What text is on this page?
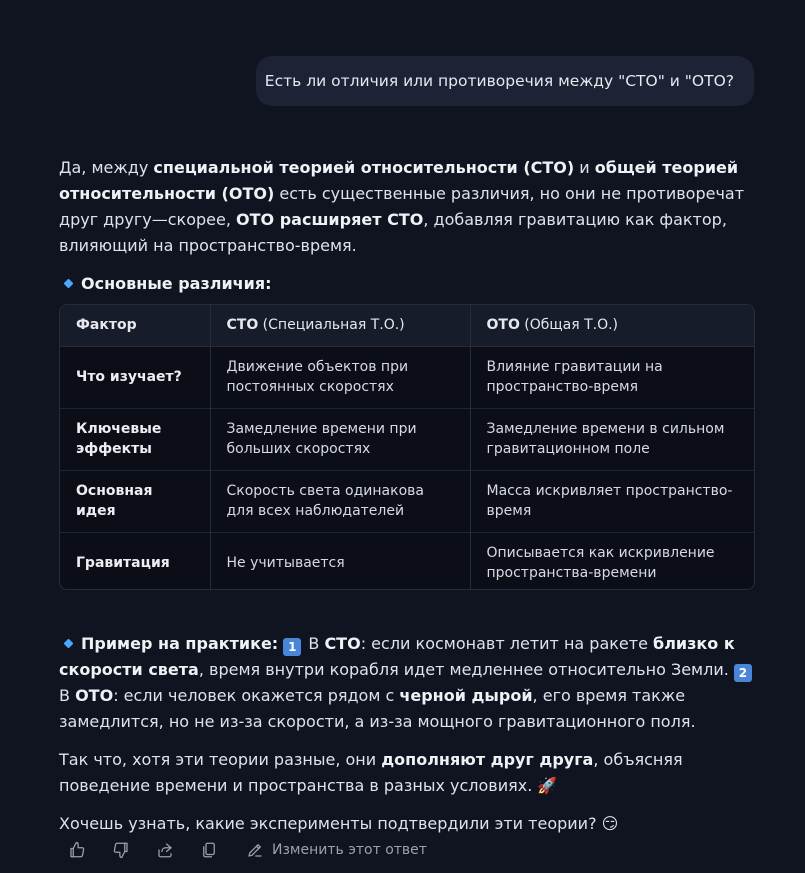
Есть ли отличия или противоречия между "СТО" и "ОТО?

Да, между специальной теорией относительности (СТО) и общей теорией относительности (ОТО) есть существенные различия, но они не противоречат друг другу—скорее, ОТО расширяет СТО, добавляя гравитацию как фактор, влияющий на пространство-время.

Основные различия:

Фактор	СТО (Специальная Т.О.)	ОТО (Общая Т.О.)
Что изучает?	Движение объектов при постоянных скоростях	Влияние гравитации на пространство-время
Ключевые эффекты	Замедление времени при больших скоростях	Замедление времени в сильном гравитационном поле
Основная идея	Скорость света одинакова для всех наблюдателей	Масса искривляет пространство-время
Гравитация	Не учитывается	Описывается как искривление пространства-времени

Пример на практике: 1 В СТО: если космонавт летит на ракете близко к скорости света, время внутри корабля идет медленнее относительно Земли. 2 В ОТО: если человек окажется рядом с черной дырой, его время также замедлится, но не из-за скорости, а из-за мощного гравитационного поля.

Так что, хотя эти теории разные, они дополняют друг друга, объясняя поведение времени и пространства в разных условиях. 🚀

Хочешь узнать, какие эксперименты подтвердили эти теории? 😏

Изменить этот ответ
